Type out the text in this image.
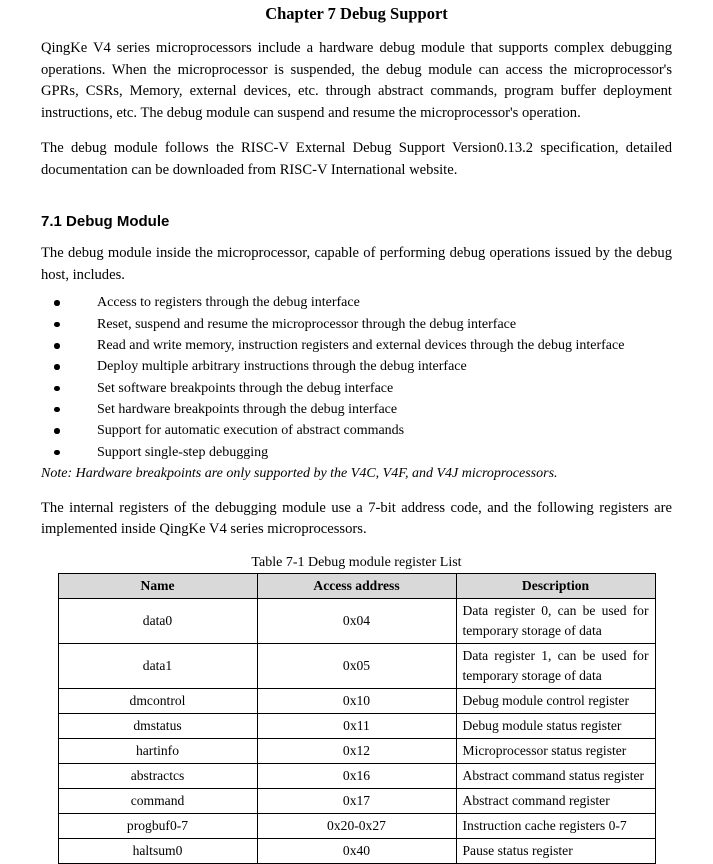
Chapter 7 Debug Support

QingKe V4 series microprocessors include a hardware debug module that supports complex debugging operations. When the microprocessor is suspended, the debug module can access the microprocessor's GPRs, CSRs, Memory, external devices, etc. through abstract commands, program buffer deployment instructions, etc. The debug module can suspend and resume the microprocessor's operation.

The debug module follows the RISC-V External Debug Support Version0.13.2 specification, detailed documentation can be downloaded from RISC-V International website.

7.1 Debug Module

The debug module inside the microprocessor, capable of performing debug operations issued by the debug host, includes.

Access to registers through the debug interface
Reset, suspend and resume the microprocessor through the debug interface
Read and write memory, instruction registers and external devices through the debug interface
Deploy multiple arbitrary instructions through the debug interface
Set software breakpoints through the debug interface
Set hardware breakpoints through the debug interface
Support for automatic execution of abstract commands
Support single-step debugging

Note: Hardware breakpoints are only supported by the V4C, V4F, and V4J microprocessors.

The internal registers of the debugging module use a 7-bit address code, and the following registers are implemented inside QingKe V4 series microprocessors.

Table 7-1 Debug module register List

Name	Access address	Description
data0	0x04	Data register 0, can be used for temporary storage of data
data1	0x05	Data register 1, can be used for temporary storage of data
dmcontrol	0x10	Debug module control register
dmstatus	0x11	Debug module status register
hartinfo	0x12	Microprocessor status register
abstractcs	0x16	Abstract command status register
command	0x17	Abstract command register
progbuf0-7	0x20-0x27	Instruction cache registers 0-7
haltsum0	0x40	Pause status register
